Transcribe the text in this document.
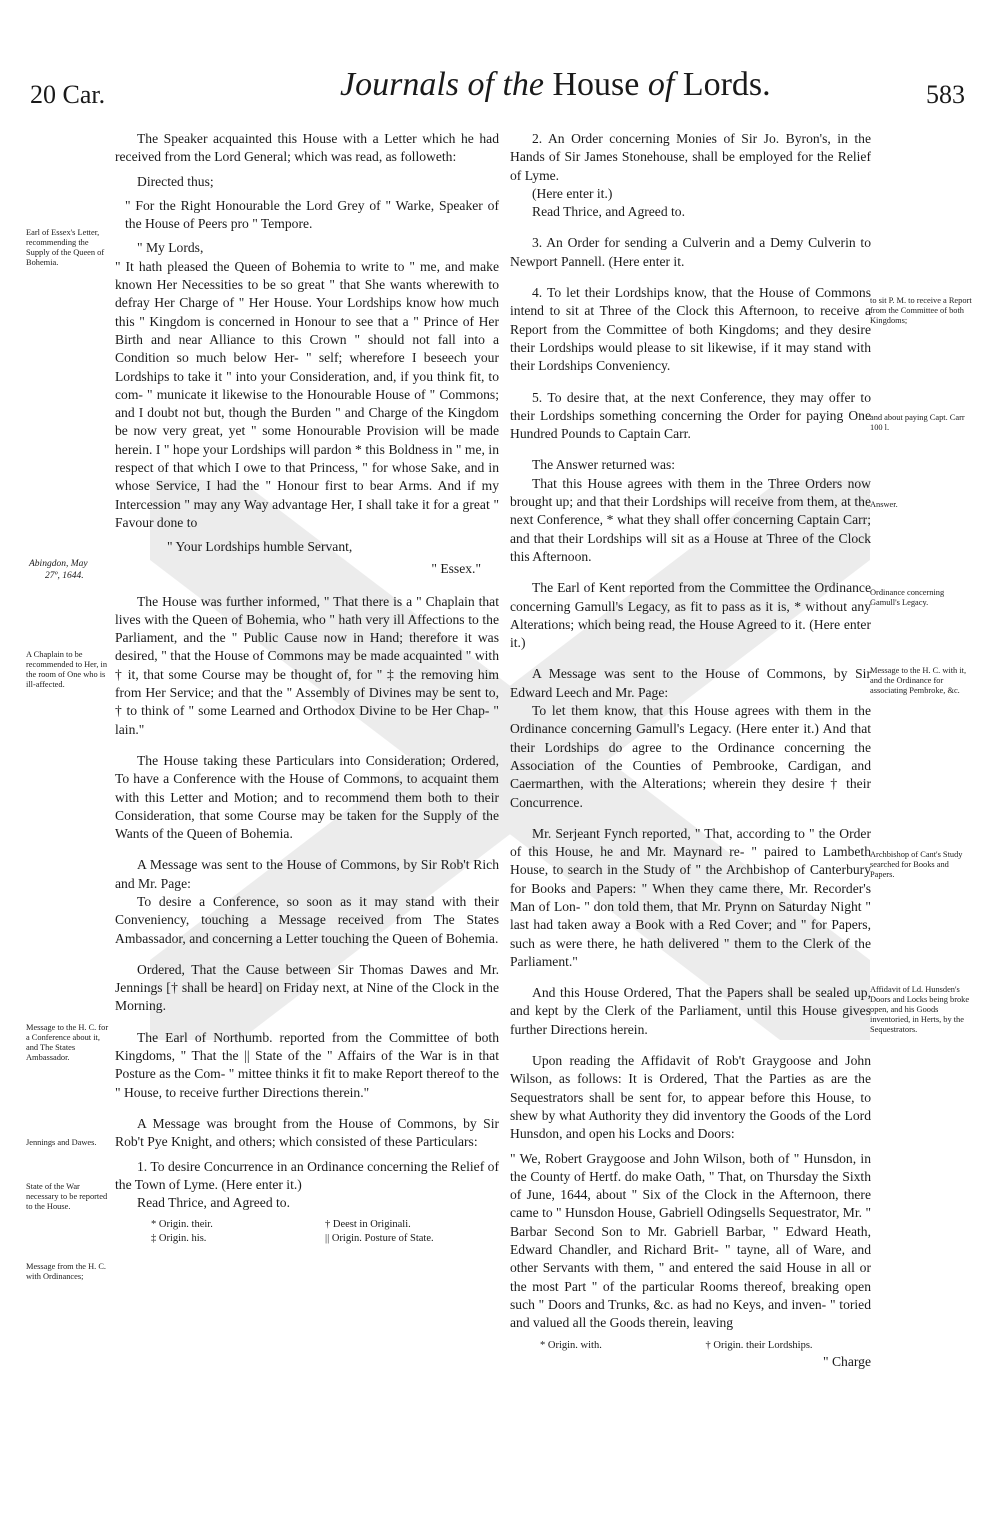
20 Car.	Journals of the House of Lords.	583
Earl of Essex's Letter, recommending the Supply of the Queen of Bohemia.
A Chaplain to be recommended to Her, in the room of One who is ill-affected.
Message to the H. C. for a Conference about it, and The States Ambassador.
Jennings and Dawes.
State of the War necessary to be reported to the House.
Message from the H. C. with Ordinances;
to sit P. M. to receive a Report from the Committee of both Kingdoms;
and about paying Capt. Carr 100 l.
Answer.
Ordinance concerning Gamull's Legacy.
Message to the H. C. with it, and the Ordinance for associating Pembroke, &c.
Archbishop of Cant's Study searched for Books and Papers.
Affidavit of Ld. Hunsden's Doors and Locks being broke open, and his Goods inventoried, in Herts, by the Sequestrators.

The Speaker acquainted this House with a Letter which he had received from the Lord General; which was read, as followeth:

Directed thus;

" For the Right Honourable the Lord Grey of " Warke, Speaker of the House of Peers pro " Tempore.

" My Lords,

" It hath pleased the Queen of Bohemia to write to " me, and make known Her Necessities to be so great " that She wants wherewith to defray Her Charge of " Her House. Your Lordships know how much this " Kingdom is concerned in Honour to see that a " Prince of Her Birth and near Alliance to this Crown " should not fall into a Condition so much below Her- " self; wherefore I beseech your Lordships to take it " into your Consideration, and, if you think fit, to com- " municate it likewise to the Honourable House of " Commons; and I doubt not but, though the Burden " and Charge of the Kingdom be now very great, yet " some Honourable Provision will be made herein. I " hope your Lordships will pardon * this Boldness in " me, in respect of that which I owe to that Princess, " for whose Sake, and in whose Service, I had the " Honour first to bear Arms. And if my Intercession " may any Way advantage Her, I shall take it for a great " Favour done to

" Your Lordships humble Servant,

Abingdon, May
27º, 1644.	" Essex."

The House was further informed, " That there is a " Chaplain that lives with the Queen of Bohemia, who " hath very ill Affections to the Parliament, and the " Public Cause now in Hand; therefore it was desired, " that the House of Commons may be made acquainted " with † it, that some Course may be thought of, for " ‡ the removing him from Her Service; and that the " Assembly of Divines may be sent to, † to think of " some Learned and Orthodox Divine to be Her Chap- " lain."

The House taking these Particulars into Consideration; Ordered, To have a Conference with the House of Commons, to acquaint them with this Letter and Motion; and to recommend them both to their Consideration, that some Course may be taken for the Supply of the Wants of the Queen of Bohemia.

A Message was sent to the House of Commons, by Sir Rob't Rich and Mr. Page:

To desire a Conference, so soon as it may stand with their Conveniency, touching a Message received from The States Ambassador, and concerning a Letter touching the Queen of Bohemia.

Ordered, That the Cause between Sir Thomas Dawes and Mr. Jennings [† shall be heard] on Friday next, at Nine of the Clock in the Morning.

The Earl of Northumb. reported from the Committee of both Kingdoms, " That the || State of the " Affairs of the War is in that Posture as the Com- " mittee thinks it fit to make Report thereof to the " House, to receive further Directions therein."

A Message was brought from the House of Commons, by Sir Rob't Pye Knight, and others; which consisted of these Particulars:

1. To desire Concurrence in an Ordinance concerning the Relief of the Town of Lyme. (Here enter it.)

Read Thrice, and Agreed to.

* Origin. their.	† Deest in Originali.
‡ Origin. his.	|| Origin. Posture of State.

2. An Order concerning Monies of Sir Jo. Byron's, in the Hands of Sir James Stonehouse, shall be employed for the Relief of Lyme.

(Here enter it.)

Read Thrice, and Agreed to.

3. An Order for sending a Culverin and a Demy Culverin to Newport Pannell. (Here enter it.

4. To let their Lordships know, that the House of Commons intend to sit at Three of the Clock this Afternoon, to receive a Report from the Committee of both Kingdoms; and they desire their Lordships would please to sit likewise, if it may stand with their Lordships Conveniency.

5. To desire that, at the next Conference, they may offer to their Lordships something concerning the Order for paying One Hundred Pounds to Captain Carr.

The Answer returned was:

That this House agrees with them in the Three Orders now brought up; and that their Lordships will receive from them, at the next Conference, * what they shall offer concerning Captain Carr; and that their Lordships will sit as a House at Three of the Clock this Afternoon.

The Earl of Kent reported from the Committee the Ordinance concerning Gamull's Legacy, as fit to pass as it is, * without any Alterations; which being read, the House Agreed to it. (Here enter it.)

A Message was sent to the House of Commons, by Sir Edward Leech and Mr. Page:

To let them know, that this House agrees with them in the Ordinance concerning Gamull's Legacy. (Here enter it.) And that their Lordships do agree to the Ordinance concerning the Association of the Counties of Pembrooke, Cardigan, and Caermarthen, with the Alterations; wherein they desire † their Concurrence.

Mr. Serjeant Fynch reported, " That, according to " the Order of this House, he and Mr. Maynard re- " paired to Lambeth House, to search in the Study of " the Archbishop of Canterbury for Books and Papers: " When they came there, Mr. Recorder's Man of Lon- " don told them, that Mr. Prynn on Saturday Night " last had taken away a Book with a Red Cover; and " for Papers, such as were there, he hath delivered " them to the Clerk of the Parliament."

And this House Ordered, That the Papers shall be sealed up, and kept by the Clerk of the Parliament, until this House gives further Directions herein.

Upon reading the Affidavit of Rob't Graygoose and John Wilson, as follows: It is Ordered, That the Parties as are the Sequestrators shall be sent for, to appear before this House, to shew by what Authority they did inventory the Goods of the Lord Hunsdon, and open his Locks and Doors:

" We, Robert Graygoose and John Wilson, both of " Hunsdon, in the County of Hertf. do make Oath, " That, on Thursday the Sixth of June, 1644, about " Six of the Clock in the Afternoon, there came to " Hunsdon House, Gabriell Odingsells Sequestrator, Mr. " Barbar Second Son to Mr. Gabriell Barbar, " Edward Heath, Edward Chandler, and Richard Brit- " tayne, all of Ware, and other Servants with them, " and entered the said House in all or the most Part " of the particular Rooms thereof, breaking open such " Doors and Trunks, &c. as had no Keys, and inven- " toried and valued all the Goods therein, leaving

* Origin. with.	† Origin. their Lordships.

" Charge
